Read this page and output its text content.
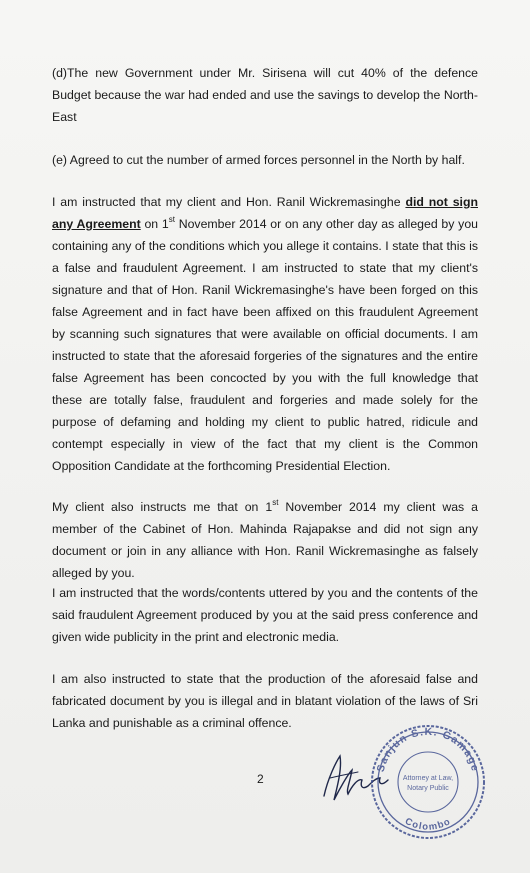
(d)The new Government under Mr. Sirisena will cut 40% of the defence Budget because the war had ended and use the savings to develop the North-East
(e) Agreed to cut the number of armed forces personnel in the North by half.
I am instructed that my client and Hon. Ranil Wickremasinghe did not sign any Agreement on 1st November 2014 or on any other day as alleged by you containing any of the conditions which you allege it contains. I state that this is a false and fraudulent Agreement. I am instructed to state that my client's signature and that of Hon. Ranil Wickremasinghe's have been forged on this false Agreement and in fact have been affixed on this fraudulent Agreement by scanning such signatures that were available on official documents. I am instructed to state that the aforesaid forgeries of the signatures and the entire false Agreement has been concocted by you with the full knowledge that these are totally false, fraudulent and forgeries and made solely for the purpose of defaming and holding my client to public hatred, ridicule and contempt especially in view of the fact that my client is the Common Opposition Candidate at the forthcoming Presidential Election.
My client also instructs me that on 1st November 2014 my client was a member of the Cabinet of Hon. Mahinda Rajapakse and did not sign any document or join in any alliance with Hon. Ranil Wickremasinghe as falsely alleged by you.
I am instructed that the words/contents uttered by you and the contents of the said fraudulent Agreement produced by you at the said press conference and given wide publicity in the print and electronic media.
I am also instructed to state that the production of the aforesaid false and fabricated document by you is illegal and in blatant violation of the laws of Sri Lanka and punishable as a criminal offence.
2
Sanjun S.K. Gamage
Attorney at Law,
Notary Public
Colombo
